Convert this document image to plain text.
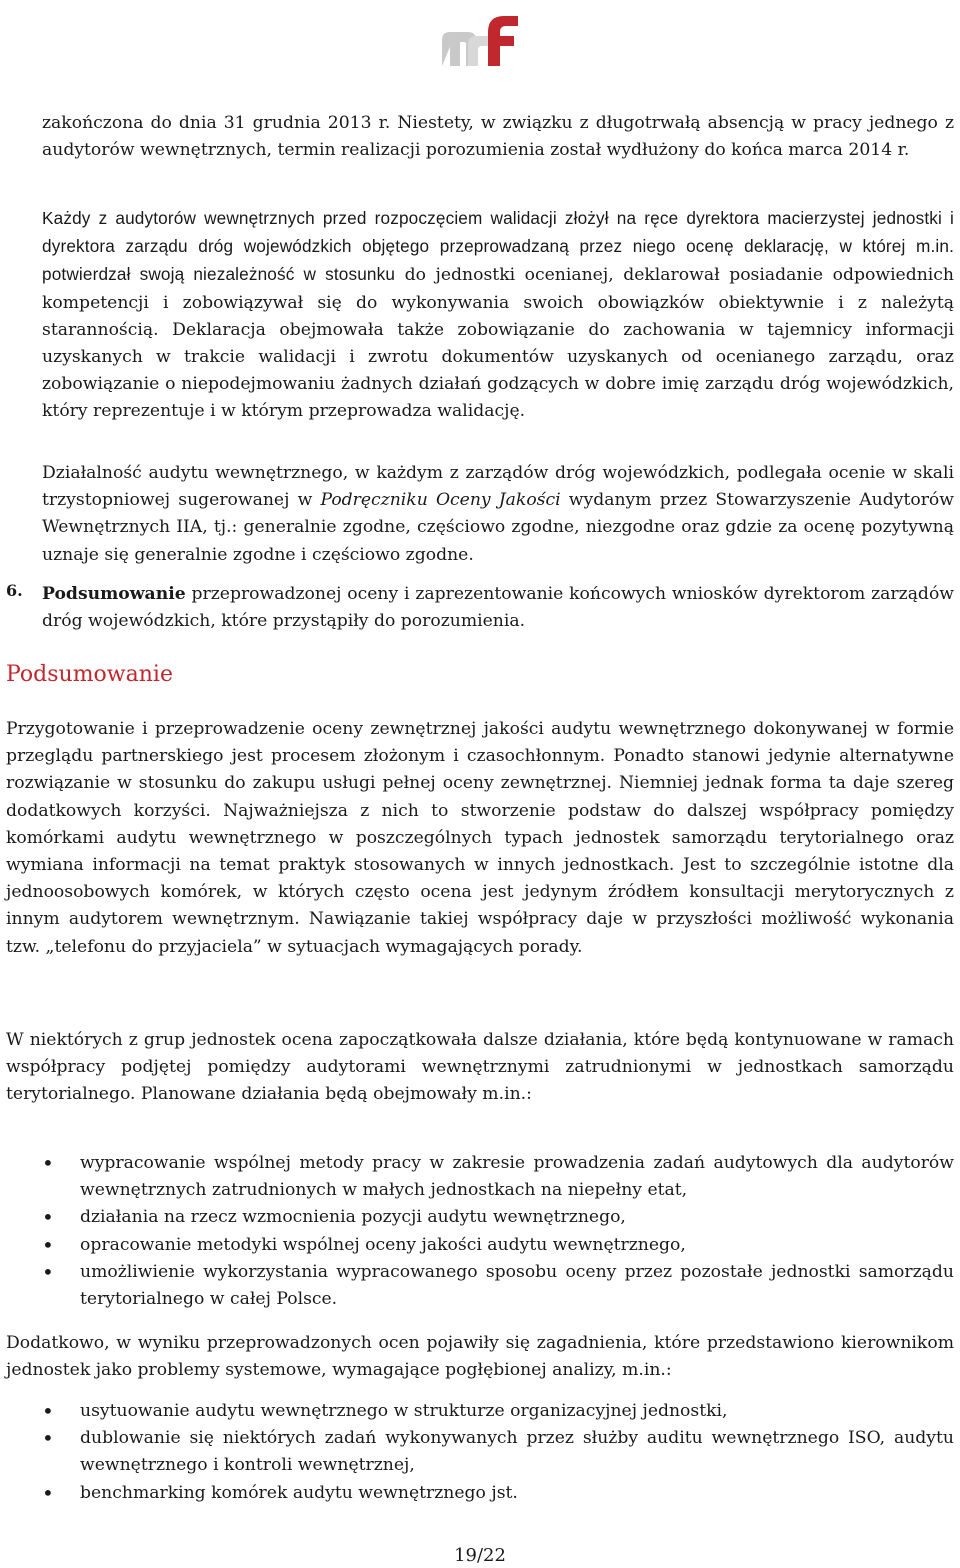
zakończona do dnia 31 grudnia 2013 r. Niestety, w związku z długotrwałą absencją w pracy jednego z audytorów wewnętrznych, termin realizacji porozumienia został wydłużony do końca marca 2014 r.

Każdy z audytorów wewnętrznych przed rozpoczęciem walidacji złożył na ręce dyrektora macierzystej jednostki i dyrektora zarządu dróg wojewódzkich objętego przeprowadzaną przez niego ocenę deklarację, w której m.in. potwierdzał swoją niezależność w stosunku do jednostki ocenianej, deklarował posiadanie odpowiednich kompetencji i zobowiązywał się do wykonywania swoich obowiązków obiektywnie i z należytą starannością. Deklaracja obejmowała także zobowiązanie do zachowania w tajemnicy informacji uzyskanych w trakcie walidacji i zwrotu dokumentów uzyskanych od ocenianego zarządu, oraz zobowiązanie o niepodejmowaniu żadnych działań godzących w dobre imię zarządu dróg wojewódzkich, który reprezentuje i w którym przeprowadza walidację.

Działalność audytu wewnętrznego, w każdym z zarządów dróg wojewódzkich, podlegała ocenie w skali trzystopniowej sugerowanej w Podręczniku Oceny Jakości wydanym przez Stowarzyszenie Audytorów Wewnętrznych IIA, tj.: generalnie zgodne, częściowo zgodne, niezgodne oraz gdzie za ocenę pozytywną uznaje się generalnie zgodne i częściowo zgodne.

6. Podsumowanie przeprowadzonej oceny i zaprezentowanie końcowych wniosków dyrektorom zarządów dróg wojewódzkich, które przystąpiły do porozumienia.

Podsumowanie

Przygotowanie i przeprowadzenie oceny zewnętrznej jakości audytu wewnętrznego dokonywanej w formie przeglądu partnerskiego jest procesem złożonym i czasochłonnym. Ponadto stanowi jedynie alternatywne rozwiązanie w stosunku do zakupu usługi pełnej oceny zewnętrznej. Niemniej jednak forma ta daje szereg dodatkowych korzyści. Najważniejsza z nich to stworzenie podstaw do dalszej współpracy pomiędzy komórkami audytu wewnętrznego w poszczególnych typach jednostek samorządu terytorialnego oraz wymiana informacji na temat praktyk stosowanych w innych jednostkach. Jest to szczególnie istotne dla jednoosobowych komórek, w których często ocena jest jedynym źródłem konsultacji merytorycznych z innym audytorem wewnętrznym. Nawiązanie takiej współpracy daje w przyszłości możliwość wykonania tzw. „telefonu do przyjaciela” w sytuacjach wymagających porady.

W niektórych z grup jednostek ocena zapoczątkowała dalsze działania, które będą kontynuowane w ramach współpracy podjętej pomiędzy audytorami wewnętrznymi zatrudnionymi w jednostkach samorządu terytorialnego. Planowane działania będą obejmowały m.in.:

• wypracowanie wspólnej metody pracy w zakresie prowadzenia zadań audytowych dla audytorów wewnętrznych zatrudnionych w małych jednostkach na niepełny etat,
• działania na rzecz wzmocnienia pozycji audytu wewnętrznego,
• opracowanie metodyki wspólnej oceny jakości audytu wewnętrznego,
• umożliwienie wykorzystania wypracowanego sposobu oceny przez pozostałe jednostki samorządu terytorialnego w całej Polsce.

Dodatkowo, w wyniku przeprowadzonych ocen pojawiły się zagadnienia, które przedstawiono kierownikom jednostek jako problemy systemowe, wymagające pogłębionej analizy, m.in.:

• usytuowanie audytu wewnętrznego w strukturze organizacyjnej jednostki,
• dublowanie się niektórych zadań wykonywanych przez służby auditu wewnętrznego ISO, audytu wewnętrznego i kontroli wewnętrznej,
• benchmarking komórek audytu wewnętrznego jst.
19/22
